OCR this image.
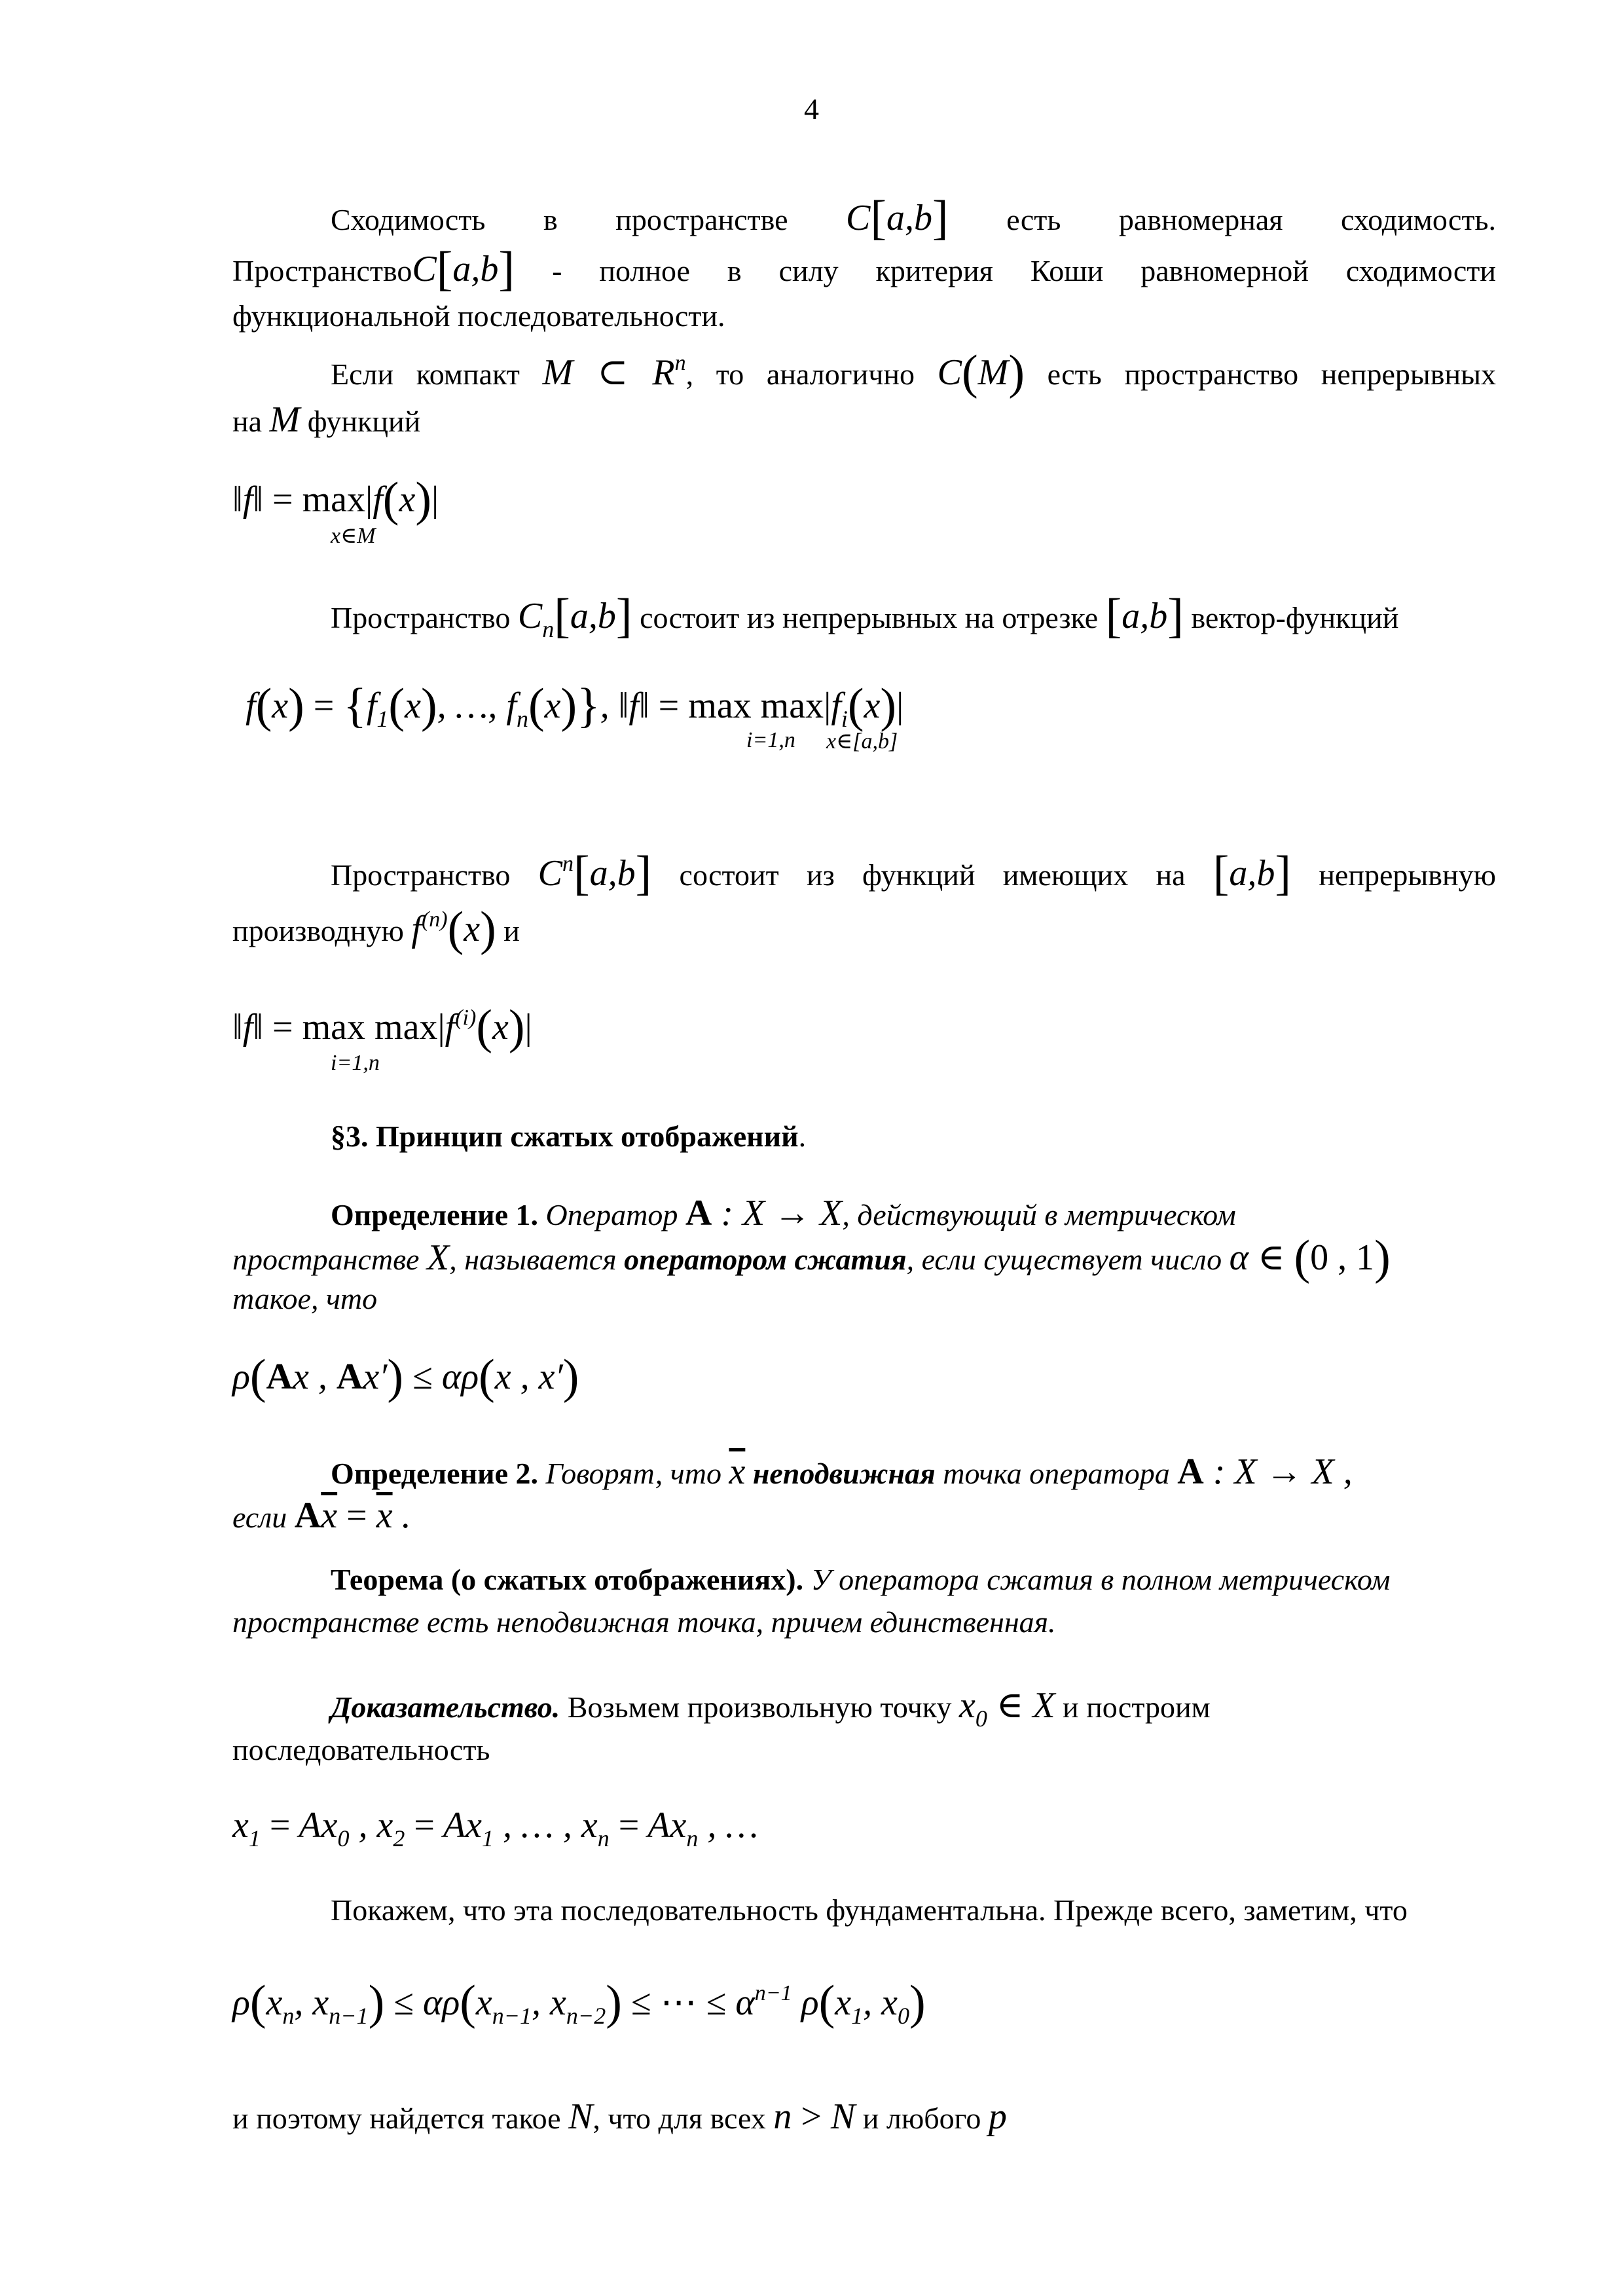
4
Сходимость в пространстве C[a,b] есть равномерная сходимость.
ПространствоC[a,b] - полное в силу критерия Коши равномерной сходимости
функциональной последовательности.
Если компакт M ⊂ $R^n$, то аналогично C(M) есть пространство непрерывных
на M функций
‖f‖ = max|f(x)|
x∈M
Пространство $C_n[a,b]$ состоит из непрерывных на отрезке [a,b] вектор-функций
$f(x) = \{f_1(x)$, …, $f_n(x)$}, ‖f‖ = $\max \max|f_i(x)|$
i=1,n x∈[a,b]
Пространство $C^n[a,b]$ состоит из функций имеющих на [a,b] непрерывную
производную $f^{(n)}(x)$ и
‖f‖ = $\max \max|f^{(i)}(x)|$
i=1,n
§3. Принцип сжатых отображений.
Определение 1. Оператор A : X → X, действующий в метрическом
пространстве X, называется оператором сжатия, если существует число α ∈ (0 , 1)
такое, что
ρ(Ax , Ax′) ≤ αρ(x , x′)
Определение 2. Говорят, что $\overline{x}$ неподвижная точка оператора A : X → X ,
если $A\overline{x} = \overline{x}$ .
Теорема (о сжатых отображениях). У оператора сжатия в полном метрическом
пространстве есть неподвижная точка, причем единственная.
Доказательство. Возьмем произвольную точку $x_0$ ∈ X и построим
последовательность
$x_1 = Ax_0$ , $x_2 = Ax_1$ , … , $x_n = Ax_n$ , …
Покажем, что эта последовательность фундаментальна. Прежде всего, заметим, что
$\rho(x_n$, $x_{n-1}) \le \alpha\rho(x_{n-1}$, $x_{n-2}$) ≤ ⋯ ≤ $\alpha^{n-1}$ $\rho(x_1$, $x_0$)
и поэтому найдется такое N, что для всех n > N и любого p
